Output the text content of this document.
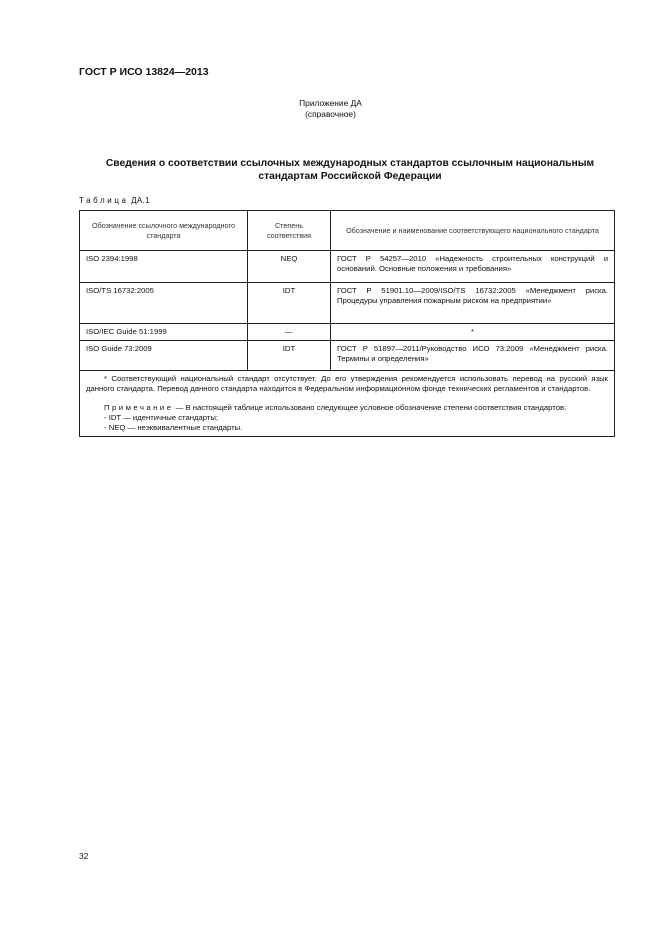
ГОСТ Р ИСО 13824—2013
Приложение ДА
(справочное)
Сведения о соответствии ссылочных международных стандартов ссылочным национальным
стандартам Российской Федерации
Таблица ДА.1
Обозначение ссылочного международного стандарта	Степень соответствия	Обозначение и наименование соответствующего национального стандарта
ISO 2394:1998	NEQ	ГОСТ Р 54257—2010 «Надежность строительных конструкций и оснований. Основные положения и требования»
ISO/TS 16732:2005	IDT	ГОСТ Р 51901.10—2009/ISO/TS 16732:2005 «Менеджмент риска. Процедуры управления пожарным риском на предприятии»
ISO/IEC Guide 51:1999	—	*
ISO Guide 73:2009	IDT	ГОСТ Р 51897—2011/Руководство ИСО 73:2009 «Менеджмент риска. Термины и определения»

* Соответствующий национальный стандарт отсутствует. До его утверждения рекомендуется использовать перевод на русский язык данного стандарта. Перевод данного стандарта находится в Федеральном информационном фонде технических регламентов и стандартов.

Примечание — В настоящей таблице использовано следующее условное обозначение степени соответствия стандартов:

- IDT — идентичные стандарты;

- NEQ — неэквивалентные стандарты.		

32
